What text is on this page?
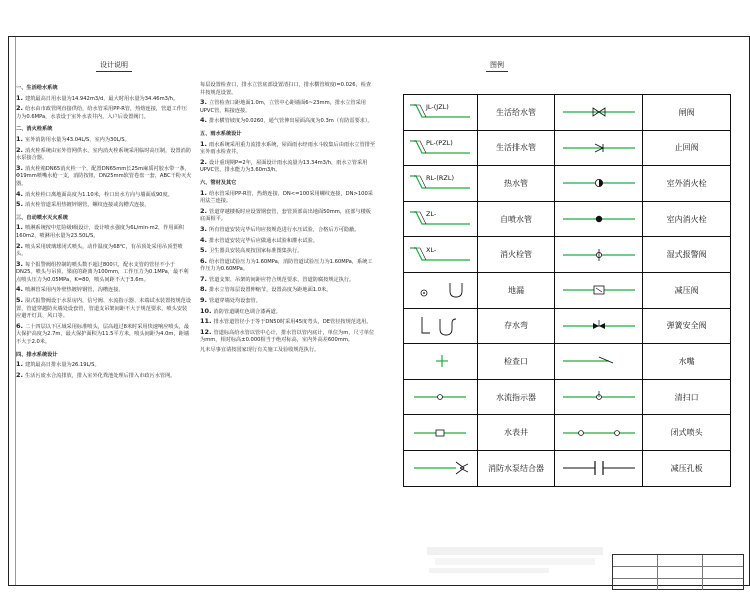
设计说明	图例

一、生活给水系统

1. 建筑最高日用水量为14.942m3/d，最大时用水量为34.46m3/h。

2. 给水由市政管网直接供给，给水管采用PP-R管，热熔连接，管道工作压力为0.6MPa，水表设于室外水表井内，入户后设置阀门。

二、消火栓系统

1. 室外消防用水量为43.04L/S，室内为30L/S。

2. 消火栓系统由室外管网供水，室内消火栓系统采用临时高压制，设置消防水泵接合器。

3. 消火栓箱DN65消火栓一个，配置DN65mm长25m麻质衬胶水带一条，Φ19mm喷嘴水枪一支，消防按钮，DN25mm软管卷盘一套，ABC干粉灭火器。

4. 消火栓栓口离地面高度为1.10米，栓口出水方向与墙面成90度。

5. 消火栓管道采用热镀锌钢管，螺纹连接或沟槽式连接。

三、自动喷水灭火系统

1. 喷淋系统按中危险级I级设计，设计喷水强度为6L/min·m2，作用面积160m2，喷淋用水量为23.50L/S。

2. 喷头采用玻璃球闭式喷头，动作温度为68℃，有吊顶处采用吊顶型喷头。

3. 每个报警阀组控制的喷头数不超过800只，配水支管的管径不小于DN25。喷头与吊顶、梁底的距离为100mm，工作压力为0.1MPa，最不利点喷头压力为0.05MPa，K=80，喷头间距不大于3.6m。

4. 喷淋管采用内外壁热镀锌钢管，沟槽连接。

5. 湿式报警阀设于水泵房内，信号阀、水流指示器、末端试水装置按规范设置，管道穿越防火墙处设套管，管道支吊架间距不大于规范要求，喷头安装应避开灯具、风口等。

6. 二十四层以下区域采用标准喷头，层高超过8米时采用快速响应喷头，最大保护高度为2.7m，最大保护面积为11.5平方米，喷头间距为4.0m，距墙不大于2.0米。

四、排水系统设计

1. 建筑最高日排水量为26.19L/S。

2. 生活污废水合流排放，排入室外化粪池处理后排入市政污水管网。

每层设置检查口，排水立管底部设置清扫口，排水横管坡度i=0.026，检查井按规范设置。

3. 立管检查口距地面1.0m，立管中心距墙面6~23mm，排水立管采用UPVC管，粘接连接。

4. 排水横管坡度为0.0260，通气管伸出屋面高度为0.3m（有防雷要求）。

五、雨水系统设计

1. 雨水系统采用重力流排水系统，屋面雨水经雨水斗收集后由雨水立管排至室外雨水检查井。

2. 设计重现期P=2年，屋面设计雨水流量为13.34m3/h，雨水立管采用UPVC管，排水能力为3.60m3/h。

六、管材及其它

1. 给水管采用PP-R管，热熔连接，DN<=100采用螺纹连接，DN>100采用法兰连接。

2. 管道穿越楼板时应设置钢套管，套管顶部高出地面50mm，底部与楼板底面相平。

3. 所有管道安装完毕后均应按规范进行水压试验，合格后方可隐蔽。

4. 排水管道安装完毕后应做通水试验和灌水试验。

5. 卫生器具安装高度按国家标准图集执行。

6. 给水管道试验压力为1.60MPa，消防管道试验压力为1.60MPa，系统工作压力为0.60MPa。

7. 管道支架、吊架的间距应符合规范要求，管道防腐按规定执行。

8. 排水立管每层设置伸缩节，设置高度为距地面1.0米。

9. 管道穿墙处均设套管。

10. 消防管道刷红色调合漆两道。

11. 排水管道管径小于等于DN50时采用45度弯头，DE管径按规范选用。

12. 管道标高给水管以管中心计，排水管以管内底计，单位为m，尺寸单位为mm，相对标高±0.000相当于绝对标高，室内外高差600mm。

凡未尽事宜请按国家现行有关施工及验收规范执行。

JL-(JZL)	生活给水管		闸阀

PL-(PZL)	生活排水管		止回阀

RL-(RZL)	热水管		室外消火栓

ZL-	自喷水管		室内消火栓

XL-	消火栓管		湿式报警阀

	地漏		减压阀

	存水弯		弹簧安全阀

	检查口		水嘴

	水流指示器		清扫口

	水表井		闭式喷头

	消防水泵结合器		减压孔板
